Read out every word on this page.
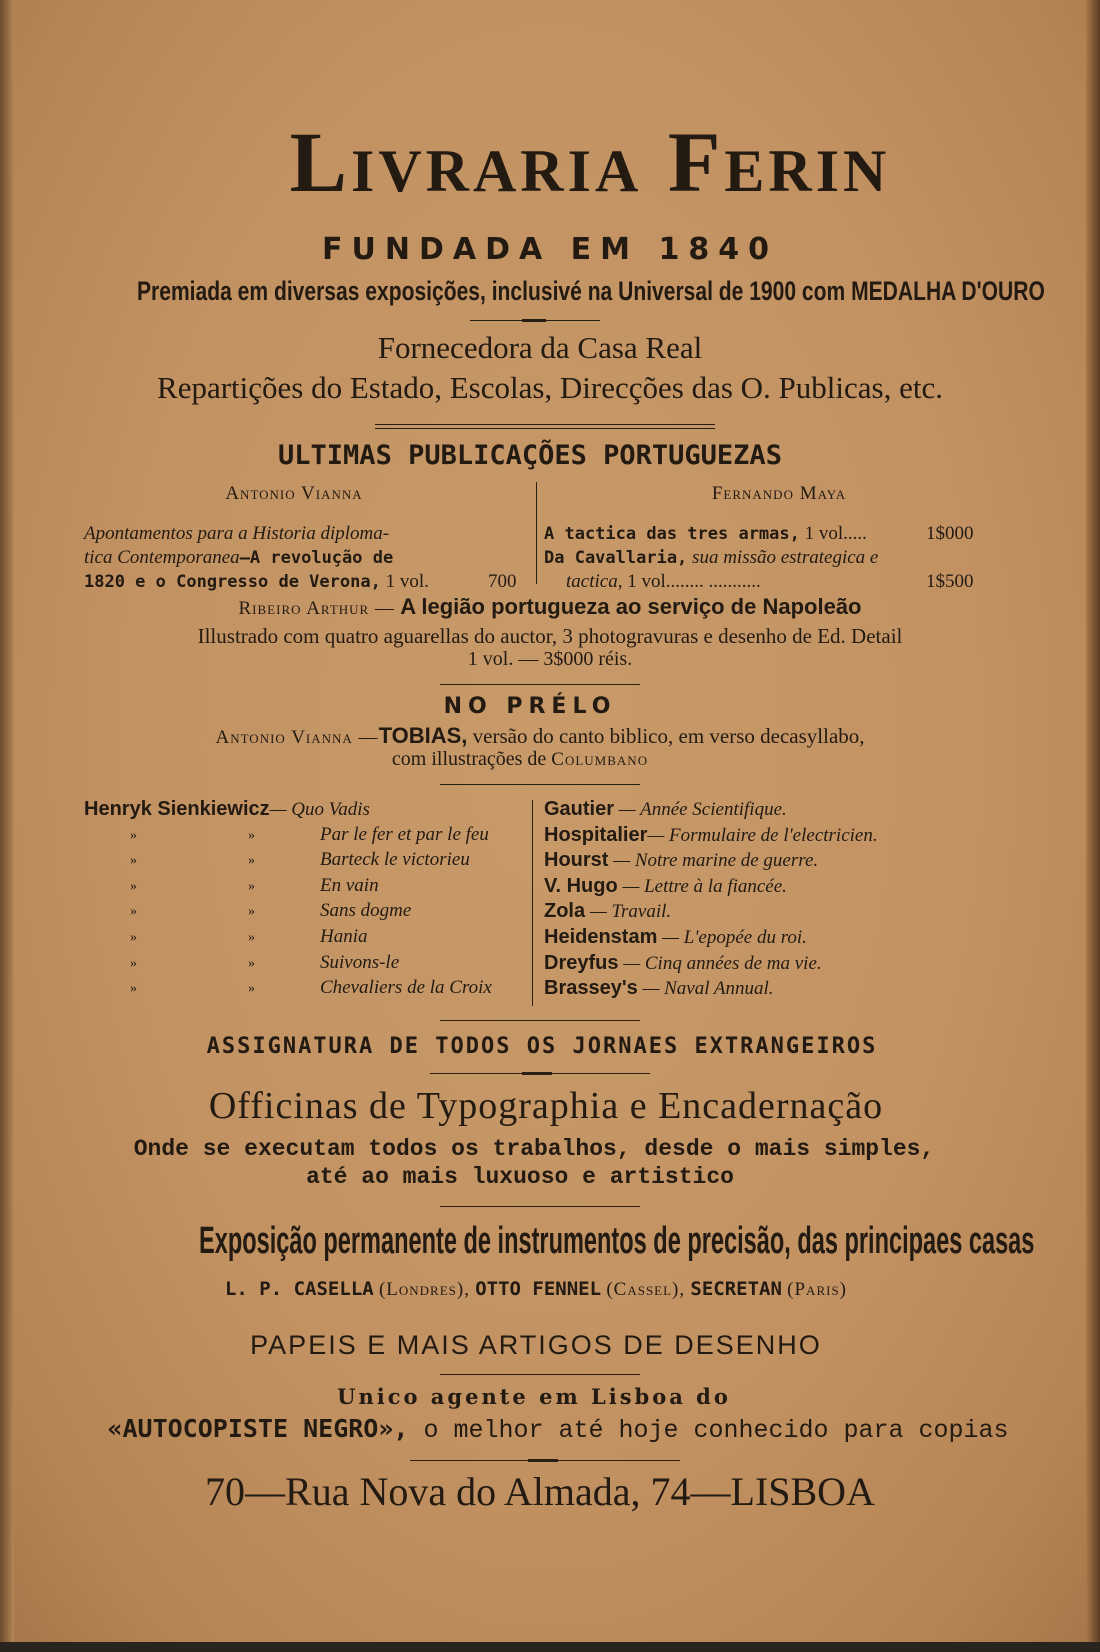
Livraria Ferin
FUNDADA EM 1840
Premiada em diversas exposições, inclusivé na Universal de 1900 com MEDALHA D'OURO
Fornecedora da Casa Real
Repartições do Estado, Escolas, Direcções das O. Publicas, etc.
ULTIMAS PUBLICAÇÕES PORTUGUEZAS
Antonio Vianna
Apontamentos para a Historia diploma-
tica Contemporanea—A revolução de
1820 e o Congresso de Verona, 1 vol.	700
Fernando Maya
A tactica das tres armas, 1 vol.....	1$000
Da Cavallaria, sua missão estrategica e
tactica, 1 vol........ ...........	1$500
Ribeiro Arthur — A legião portugueza ao serviço de Napoleão
Illustrado com quatro aguarellas do auctor, 3 photogravuras e desenho de Ed. Detail
1 vol. — 3$000 réis.
NO PRÉLO
Antonio Vianna —TOBIAS, versão do canto biblico, em verso decasyllabo,
com illustrações de Columbano
Henryk Sienkiewicz— Quo Vadis
»	»	Par le fer et par le feu
»	»	Barteck le victorieu
»	»	En vain
»	»	Sans dogme
»	»	Hania
»	»	Suivons-le
»	»	Chevaliers de la Croix
Gautier — Année Scientifique.
Hospitalier— Formulaire de l'electricien.
Hourst — Notre marine de guerre.
V. Hugo — Lettre à la fiancée.
Zola — Travail.
Heidenstam — L'epopée du roi.
Dreyfus — Cinq années de ma vie.
Brassey's — Naval Annual.
ASSIGNATURA DE TODOS OS JORNAES EXTRANGEIROS
Officinas de Typographia e Encadernação
Onde se executam todos os trabalhos, desde o mais simples,
até ao mais luxuoso e artistico
Exposição permanente de instrumentos de precisão, das principaes casas
L. P. CASELLA (Londres), OTTO FENNEL (Cassel), SECRETAN (Paris)
PAPEIS E MAIS ARTIGOS DE DESENHO
Unico agente em Lisboa do
«AUTOCOPISTE NEGRO», o melhor até hoje conhecido para copias
70—Rua Nova do Almada, 74—LISBOA
